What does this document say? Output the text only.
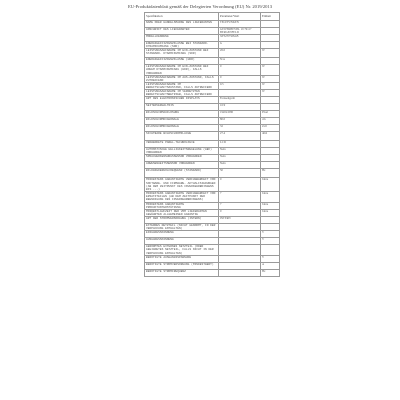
EU-Produktdatenblatt gemäß der Delegierten Verordnung (EU) Nr. 2019/2013
Spezifikation	Parameter/Wert	Einheit
NAME ODER HANDELSMARKE DES LIEFERANTEN	TELEFUNKEN	
ANSCHRIFT DES LIEFERANTEN	GEWERBESTR. 19 79117 BERGENFELD	
MODELLKENNUNG	XF32N750M-B	
ENERGIEEFFIZIENZKLASSE BEI STANDARD-DYNAMIKUMFANG (SDR)	G	
LEISTUNGSAUFNAHME IM EIN-ZUSTAND BEI STANDARD- DYNAMIKUMFANG (SDR)	26.0	W
ENERGIEEFFIZIENZKLASSE (HDR)	N/A	
LEISTUNGSAUFNAHME IM EIN-ZUSTAND BEI HOHEM DYNAMIKUMFANG (HDR), FALLS VORHANDEN	0	W
LEISTUNGSAUFNAHME IM AUS-ZUSTAND, FALLS ZUTREFFEND	0	W
LEISTUNGSAUFNAHME IM BEREITSCHAFTSZUSTAND, FALLS ZUTREFFEND	0.5	W
LEISTUNGSAUFNAHME IM VERNETZTEN BEREITSCHAFTSBETRIEB, FALLS ZUTREFFEND		W
ART DES ELEKTRONISCHEN DISPLAYS	Fernsehgerät	
SEITENVERHÄLTNIS	16:9	
BILDSCHIRMAUFLÖSUNG	1920x1080	Pixel
BILDSCHIRMDIAGONALE	80.0	cm
BILDSCHIRMDIAGONALE	32	Zoll
SICHTBARE BILDSCHIRMFLÄCHE	27.4	dm2
VERWENDETE PANEL-TECHNOLOGIE	LCD	
AUTOMATISCHE HELLIGKEITSREGELUNG (ABC) VORHANDEN	Nein	
SPRACHERKENNUNGSSENSOR VORHANDEN	Nein	
ANWESENHEITSSENSOR VORHANDEN	Nein	
BILDWIEDERHOLFREQUENZ (STANDARD)	50	Hz
MINDESTENS GARANTIERTE VERFÜGBARKEIT VON SOFTWARE- UND FIRMWARE- AKTUALISIERUNGEN (AB DEM ZEITPUNKT DES INVERKEHRBRINGENS BIS ...)	0	Jahre
MINDESTENS GARANTIERTE VERFÜGBARKEIT VON ERSATZTEILEN (AB DEM ZEITPUNKT DER BEENDIGUNG DES INVERKEHRBRINGENS)	7	Jahre
MINDESTENS GARANTIERTE PRODUKTUNTERSTÜTZUNG	7	Jahre
MINDESTLAUFZEIT DER VOM LIEFERANTEN GEWÄHRTEN ALLGEMEINEN GARANTIE	0	Jahre
ART DER STROMVERSORGUNG (INTERN)	INTERN	
EXTERNES NETZTEIL (NICHT GENORMT, IN DER VERPACKUNG ENTHALTEN)		
EINGANGSSPANNUNG		V
AUSGANGSSPANNUNG		V
GENORMTES EXTERNES NETZTEIL (ODER GEEIGNETES NETZTEIL, FALLS NICHT IN DER VERPACKUNG ENTHALTEN)		
BENÖTIGTE AUSGANGSSPANNUNG		V
BENÖTIGTE STROMVERSORGUNG (MINDESTWERT)		A
BENÖTIGTE STROMFREQUENZ		Hz
